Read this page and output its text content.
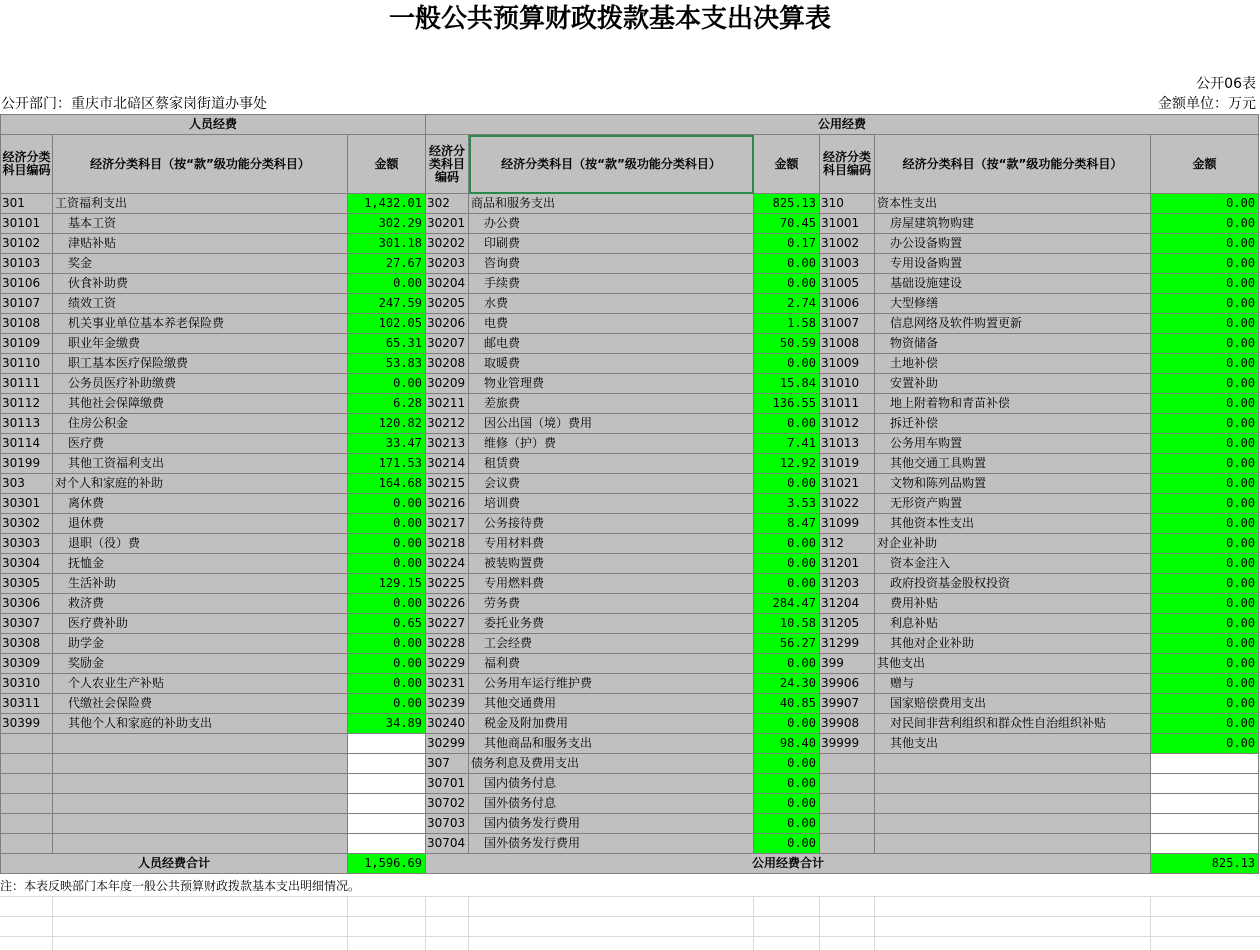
一般公共预算财政拨款基本支出决算表
公开06表
公开部门：重庆市北碚区蔡家岗街道办事处	金额单位：万元
人员经费			公用经费					
经济分类科目编码	经济分类科目（按“款”级功能分类科目）	金额	经济分类科目编码	经济分类科目（按“款”级功能分类科目）	金额	经济分类科目编码	经济分类科目（按“款”级功能分类科目）	金额
301	工资福利支出	1,432.01	302	商品和服务支出	825.13	310	资本性支出	0.00
30101	基本工资	302.29	30201	办公费	70.45	31001	房屋建筑物购建	0.00
30102	津贴补贴	301.18	30202	印刷费	0.17	31002	办公设备购置	0.00
30103	奖金	27.67	30203	咨询费	0.00	31003	专用设备购置	0.00
30106	伙食补助费	0.00	30204	手续费	0.00	31005	基础设施建设	0.00
30107	绩效工资	247.59	30205	水费	2.74	31006	大型修缮	0.00
30108	机关事业单位基本养老保险费	102.05	30206	电费	1.58	31007	信息网络及软件购置更新	0.00
30109	职业年金缴费	65.31	30207	邮电费	50.59	31008	物资储备	0.00
30110	职工基本医疗保险缴费	53.83	30208	取暖费	0.00	31009	土地补偿	0.00
30111	公务员医疗补助缴费	0.00	30209	物业管理费	15.84	31010	安置补助	0.00
30112	其他社会保障缴费	6.28	30211	差旅费	136.55	31011	地上附着物和青苗补偿	0.00
30113	住房公积金	120.82	30212	因公出国（境）费用	0.00	31012	拆迁补偿	0.00
30114	医疗费	33.47	30213	维修（护）费	7.41	31013	公务用车购置	0.00
30199	其他工资福利支出	171.53	30214	租赁费	12.92	31019	其他交通工具购置	0.00
303	对个人和家庭的补助	164.68	30215	会议费	0.00	31021	文物和陈列品购置	0.00
30301	离休费	0.00	30216	培训费	3.53	31022	无形资产购置	0.00
30302	退休费	0.00	30217	公务接待费	8.47	31099	其他资本性支出	0.00
30303	退职（役）费	0.00	30218	专用材料费	0.00	312	对企业补助	0.00
30304	抚恤金	0.00	30224	被装购置费	0.00	31201	资本金注入	0.00
30305	生活补助	129.15	30225	专用燃料费	0.00	31203	政府投资基金股权投资	0.00
30306	救济费	0.00	30226	劳务费	284.47	31204	费用补贴	0.00
30307	医疗费补助	0.65	30227	委托业务费	10.58	31205	利息补贴	0.00
30308	助学金	0.00	30228	工会经费	56.27	31299	其他对企业补助	0.00
30309	奖励金	0.00	30229	福利费	0.00	399	其他支出	0.00
30310	个人农业生产补贴	0.00	30231	公务用车运行维护费	24.30	39906	赠与	0.00
30311	代缴社会保险费	0.00	30239	其他交通费用	40.85	39907	国家赔偿费用支出	0.00
30399	其他个人和家庭的补助支出	34.89	30240	税金及附加费用	0.00	39908	对民间非营利组织和群众性自治组织补贴	0.00
			30299	其他商品和服务支出	98.40	39999	其他支出	0.00
			307	债务利息及费用支出	0.00			
			30701	国内债务付息	0.00			
			30702	国外债务付息	0.00			
			30703	国内债务发行费用	0.00			
			30704	国外债务发行费用	0.00			
人员经费合计		1,596.69	公用经费合计					825.13
注：本表反映部门本年度一般公共预算财政拨款基本支出明细情况。
